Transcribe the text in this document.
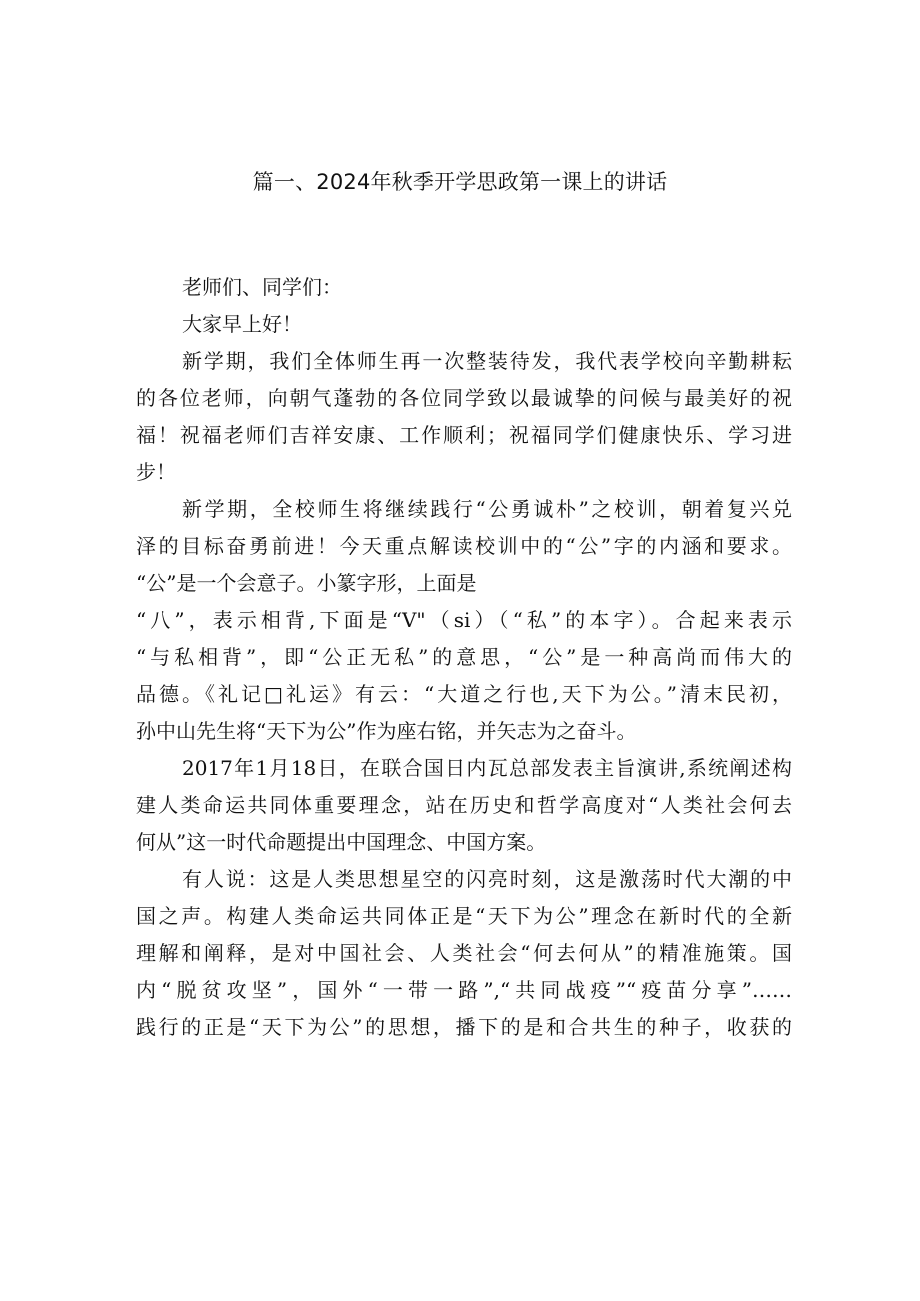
篇一、2024年秋季开学思政第一课上的讲话
老师们、同学们：
大家早上好！
新学期，我们全体师生再一次整装待发，我代表学校向辛勤耕耘
的各位老师，向朝气蓬勃的各位同学致以最诚挚的问候与最美好的祝
福！祝福老师们吉祥安康、工作顺利；祝福同学们健康快乐、学习进
步！
新学期，全校师生将继续践行“公勇诚朴”之校训，朝着复兴兑
泽的目标奋勇前进！今天重点解读校训中的“公”字的内涵和要求。
“公”是一个会意子。小篆字形，上面是
“八”，表示相背,下面是“V"（si）（“私”的本字）。合起来表示
“与私相背”，即“公正无私”的意思，“公”是一种高尚而伟大的
品德。《礼记□礼运》有云：“大道之行也,天下为公。”清末民初，
孙中山先生将“天下为公”作为座右铭，并矢志为之奋斗。
2017年1月18日，在联合国日内瓦总部发表主旨演讲,系统阐述构
建人类命运共同体重要理念，站在历史和哲学高度对“人类社会何去
何从”这一时代命题提出中国理念、中国方案。
有人说：这是人类思想星空的闪亮时刻，这是激荡时代大潮的中
国之声。构建人类命运共同体正是“天下为公”理念在新时代的全新
理解和阐释，是对中国社会、人类社会“何去何从”的精准施策。国
内“脱贫攻坚”，国外“一带一路”,“共同战疫”“疫苗分享”……
践行的正是“天下为公”的思想，播下的是和合共生的种子，收获的
